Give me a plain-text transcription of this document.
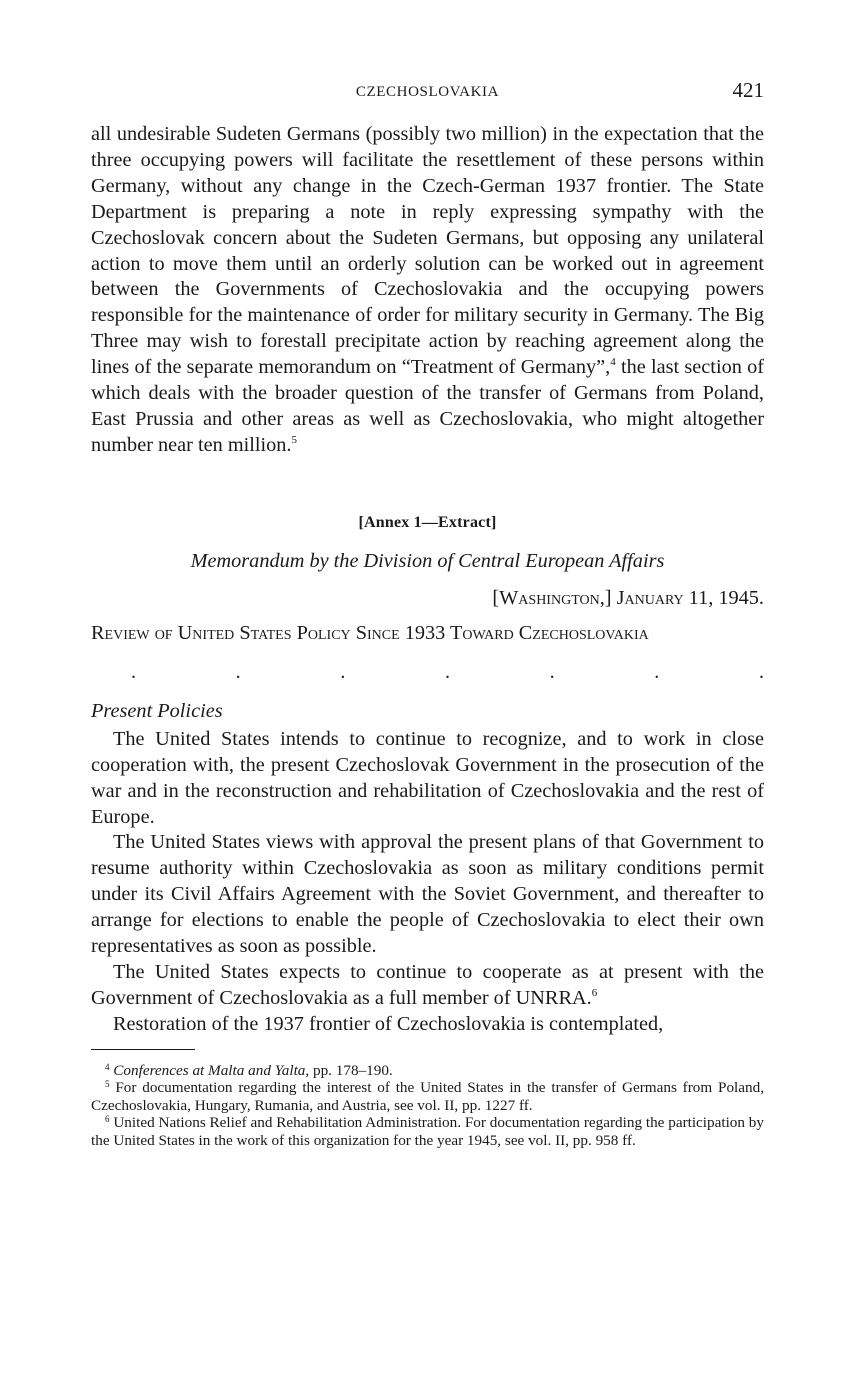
CZECHOSLOVAKIA	421

all undesirable Sudeten Germans (possibly two million) in the expectation that the three occupying powers will facilitate the resettlement of these persons within Germany, without any change in the Czech-German 1937 frontier. The State Department is preparing a note in reply expressing sympathy with the Czechoslovak concern about the Sudeten Germans, but opposing any unilateral action to move them until an orderly solution can be worked out in agreement between the Governments of Czechoslovakia and the occupying powers responsible for the maintenance of order for military security in Germany. The Big Three may wish to forestall precipitate action by reaching agreement along the lines of the separate memorandum on “Treatment of Germany”,$^4$ the last section of which deals with the broader question of the transfer of Germans from Poland, East Prussia and other areas as well as Czechoslovakia, who might altogether number near ten million.$^5$

[Annex 1—Extract]
Memorandum by the Division of Central European Affairs
[Washington,] January 11, 1945.
Review of United States Policy Since 1933 Toward Czechoslovakia
.	.	.	.	.	.	.
Present Policies

The United States intends to continue to recognize, and to work in close cooperation with, the present Czechoslovak Government in the prosecution of the war and in the reconstruction and rehabilitation of Czechoslovakia and the rest of Europe.

The United States views with approval the present plans of that Government to resume authority within Czechoslovakia as soon as military conditions permit under its Civil Affairs Agreement with the Soviet Government, and thereafter to arrange for elections to enable the people of Czechoslovakia to elect their own representatives as soon as possible.

The United States expects to continue to cooperate as at present with the Government of Czechoslovakia as a full member of UNRRA.$^6$

Restoration of the 1937 frontier of Czechoslovakia is contemplated,

$^4$ Conferences at Malta and Yalta, pp. 178–190.

$^5$ For documentation regarding the interest of the United States in the transfer of Germans from Poland, Czechoslovakia, Hungary, Rumania, and Austria, see vol. II, pp. 1227 ff.

$^6$ United Nations Relief and Rehabilitation Administration. For documentation regarding the participation by the United States in the work of this organization for the year 1945, see vol. II, pp. 958 ff.
